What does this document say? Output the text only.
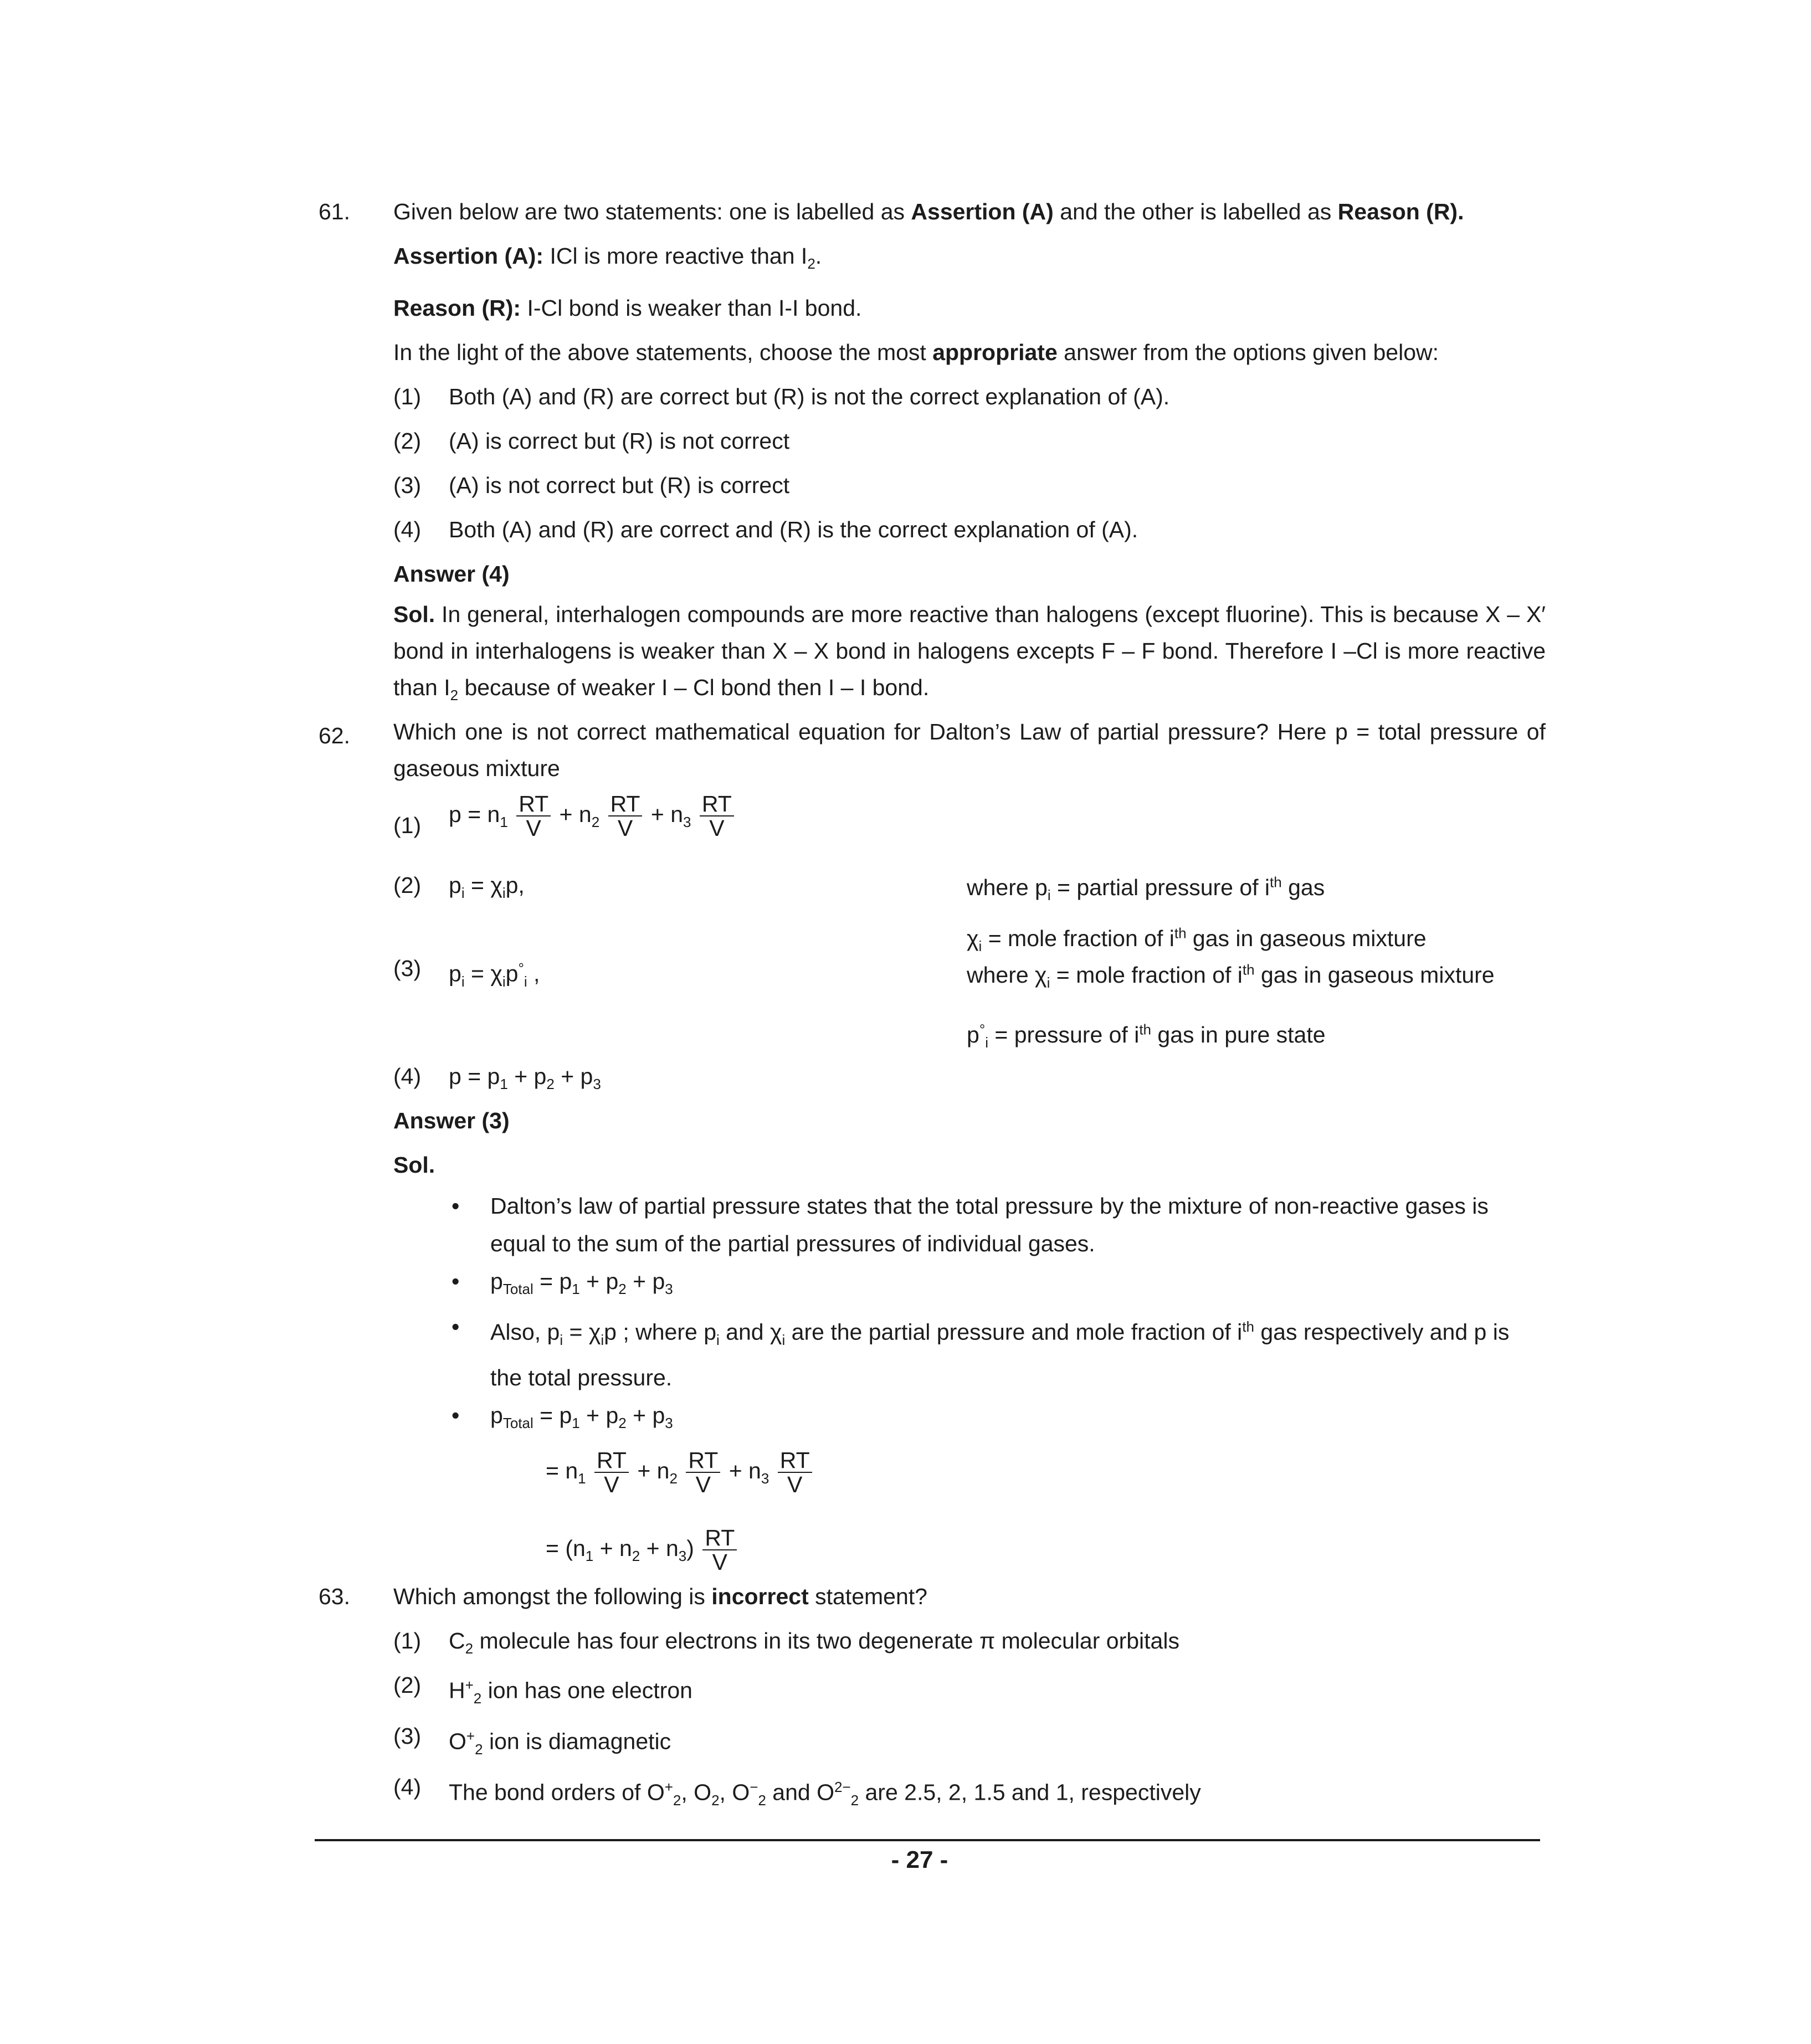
61. Given below are two statements: one is labelled as Assertion (A) and the other is labelled as Reason (R).
Assertion (A): ICl is more reactive than $I_2$.
Reason (R): I-Cl bond is weaker than I-I bond.
In the light of the above statements, choose the most appropriate answer from the options given below:
(1) Both (A) and (R) are correct but (R) is not the correct explanation of (A).
(2) (A) is correct but (R) is not correct
(3) (A) is not correct but (R) is correct
(4) Both (A) and (R) are correct and (R) is the correct explanation of (A).
Answer (4)
Sol. In general, interhalogen compounds are more reactive than halogens (except fluorine). This is because X – X′ bond in interhalogens is weaker than X – X bond in halogens excepts F – F bond. Therefore I –Cl is more reactive than $I_2$ because of weaker I – Cl bond then I – I bond.
62. Which one is not correct mathematical equation for Dalton’s Law of partial pressure? Here p = total pressure of gaseous mixture
(1) $p = n_1 \frac{RT}{V} + n_2 \frac{RT}{V} + n_3 \frac{RT}{V}$
(2) $p_i = \chi_ip$,	where $p_i$ = partial pressure of $i^{th}$ gas
$\chi_i$ = mole fraction of $i^{th}$ gas in gaseous mixture
(3) $p_i = \chi_ip^\circ_i$ ,	where $\chi_i$ = mole fraction of $i^{th}$ gas in gaseous mixture
$p^\circ_i$ = pressure of $i^{th}$ gas in pure state
(4) $p = p_1 + p_2 + p_3$
Answer (3)
Sol.
• Dalton’s law of partial pressure states that the total pressure by the mixture of non-reactive gases is equal to the sum of the partial pressures of individual gases.
• $p_{Total} = p_1 + p_2 + p_3$
• Also, $p_i = \chi_ip$ ; where $p_i$ and $\chi_i$ are the partial pressure and mole fraction of $i^{th}$ gas respectively and p is the total pressure.
• $p_{Total} = p_1 + p_2 + p_3$
= $n_1 \frac{RT}{V} + n_2 \frac{RT}{V} + n_3 \frac{RT}{V}$
= $(n_1 + n_2 + n_3) \frac{RT}{V}$
63. Which amongst the following is incorrect statement?
(1) $C_2$ molecule has four electrons in its two degenerate π molecular orbitals
(2) $H^+_2$ ion has one electron
(3) $O^+_2$ ion is diamagnetic
(4) The bond orders of $O^+_2$, $O_2$, $O^-_2$ and $O^{2-}_2$ are 2.5, 2, 1.5 and 1, respectively
- 27 -
